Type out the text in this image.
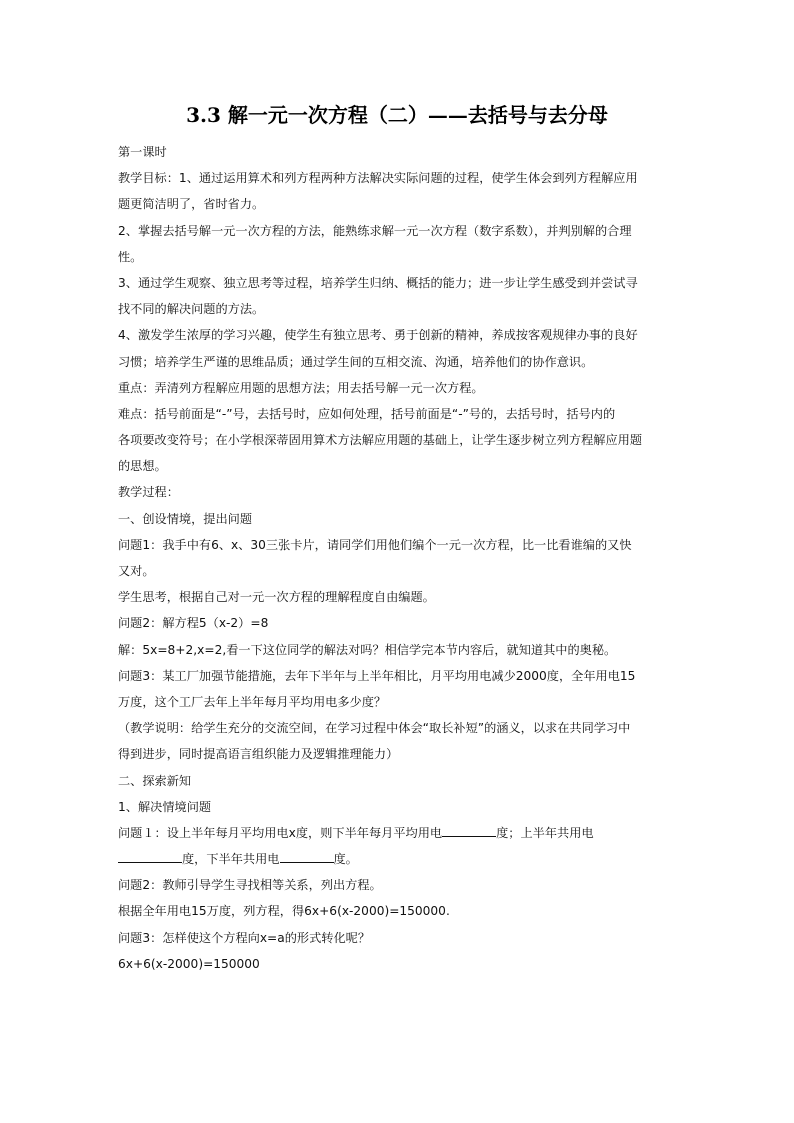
3.3 解一元一次方程（二）——去括号与去分母
第一课时
教学目标：1、通过运用算术和列方程两种方法解决实际问题的过程，使学生体会到列方程解应用
题更简洁明了，省时省力。
2、掌握去括号解一元一次方程的方法，能熟练求解一元一次方程（数字系数），并判别解的合理
性。
3、通过学生观察、独立思考等过程，培养学生归纳、概括的能力；进一步让学生感受到并尝试寻
找不同的解决问题的方法。
4、激发学生浓厚的学习兴趣，使学生有独立思考、勇于创新的精神，养成按客观规律办事的良好
习惯；培养学生严谨的思维品质；通过学生间的互相交流、沟通，培养他们的协作意识。
重点：弄清列方程解应用题的思想方法；用去括号解一元一次方程。
难点：括号前面是“-”号，去括号时，应如何处理，括号前面是“-”号的，去括号时，括号内的
各项要改变符号；在小学根深蒂固用算术方法解应用题的基础上，让学生逐步树立列方程解应用题
的思想。
教学过程：
一、创设情境，提出问题
问题1：我手中有6、x、30三张卡片，请同学们用他们编个一元一次方程，比一比看谁编的又快
又对。
学生思考，根据自己对一元一次方程的理解程度自由编题。
问题2：解方程5（x-2）=8
解：5x=8+2,x=2,看一下这位同学的解法对吗？相信学完本节内容后，就知道其中的奥秘。
问题3：某工厂加强节能措施，去年下半年与上半年相比，月平均用电减少2000度，全年用电15
万度，这个工厂去年上半年每月平均用电多少度？
（教学说明：给学生充分的交流空间，在学习过程中体会“取长补短”的涵义，以求在共同学习中
得到进步，同时提高语言组织能力及逻辑推理能力）
二、探索新知
1、解决情境问题
问题１：设上半年每月平均用电x度，则下半年每月平均用电	度；上半年共用电
度，下半年共用电	度。
问题2：教师引导学生寻找相等关系，列出方程。
根据全年用电15万度，列方程，得6x+6(x-2000)=150000.
问题3：怎样使这个方程向x=a的形式转化呢？
6x+6(x-2000)=150000
